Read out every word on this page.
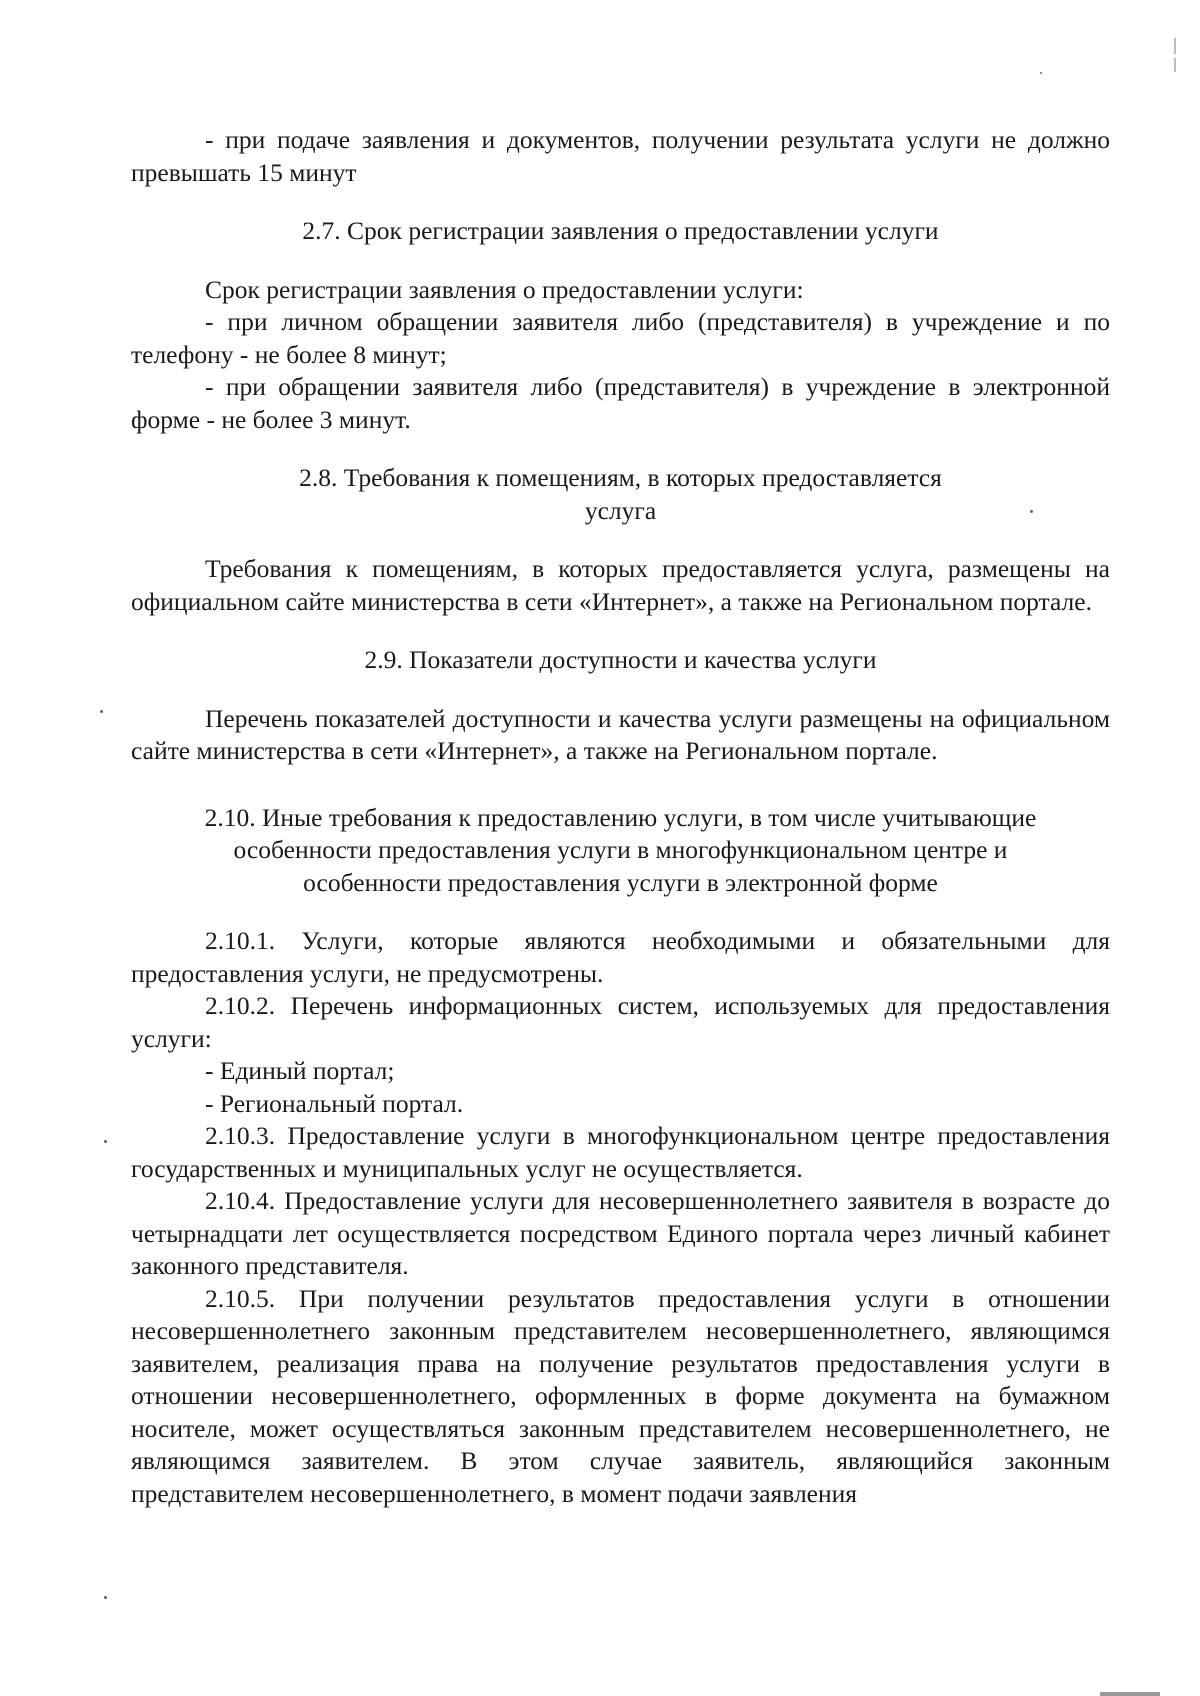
- при подаче заявления и документов, получении результата услуги не должно превышать 15 минут

2.7. Срок регистрации заявления о предоставлении услуги

Срок регистрации заявления о предоставлении услуги:

- при личном обращении заявителя либо (представителя) в учреждение и по телефону - не более 8 минут;

- при обращении заявителя либо (представителя) в учреждение в электронной форме - не более 3 минут.

2.8. Требования к помещениям, в которых предоставляется

услуга

Требования к помещениям, в которых предоставляется услуга, размещены на официальном сайте министерства в сети «Интернет», а также на Региональном портале.

2.9. Показатели доступности и качества услуги

Перечень показателей доступности и качества услуги размещены на официальном сайте министерства в сети «Интернет», а также на Региональном портале.

2.10. Иные требования к предоставлению услуги, в том числе учитывающие

особенности предоставления услуги в многофункциональном центре и

особенности предоставления услуги в электронной форме

2.10.1. Услуги, которые являются необходимыми и обязательными для предоставления услуги, не предусмотрены.

2.10.2. Перечень информационных систем, используемых для предоставления услуги:

- Единый портал;

- Региональный портал.

2.10.3. Предоставление услуги в многофункциональном центре предоставления государственных и муниципальных услуг не осуществляется.

2.10.4. Предоставление услуги для несовершеннолетнего заявителя в возрасте до четырнадцати лет осуществляется посредством Единого портала через личный кабинет законного представителя.

2.10.5. При получении результатов предоставления услуги в отношении несовершеннолетнего законным представителем несовершеннолетнего, являющимся заявителем, реализация права на получение результатов предоставления услуги в отношении несовершеннолетнего, оформленных в форме документа на бумажном носителе, может осуществляться законным представителем несовершеннолетнего, не являющимся заявителем. В этом случае заявитель, являющийся законным представителем несовершеннолетнего, в момент подачи заявления
